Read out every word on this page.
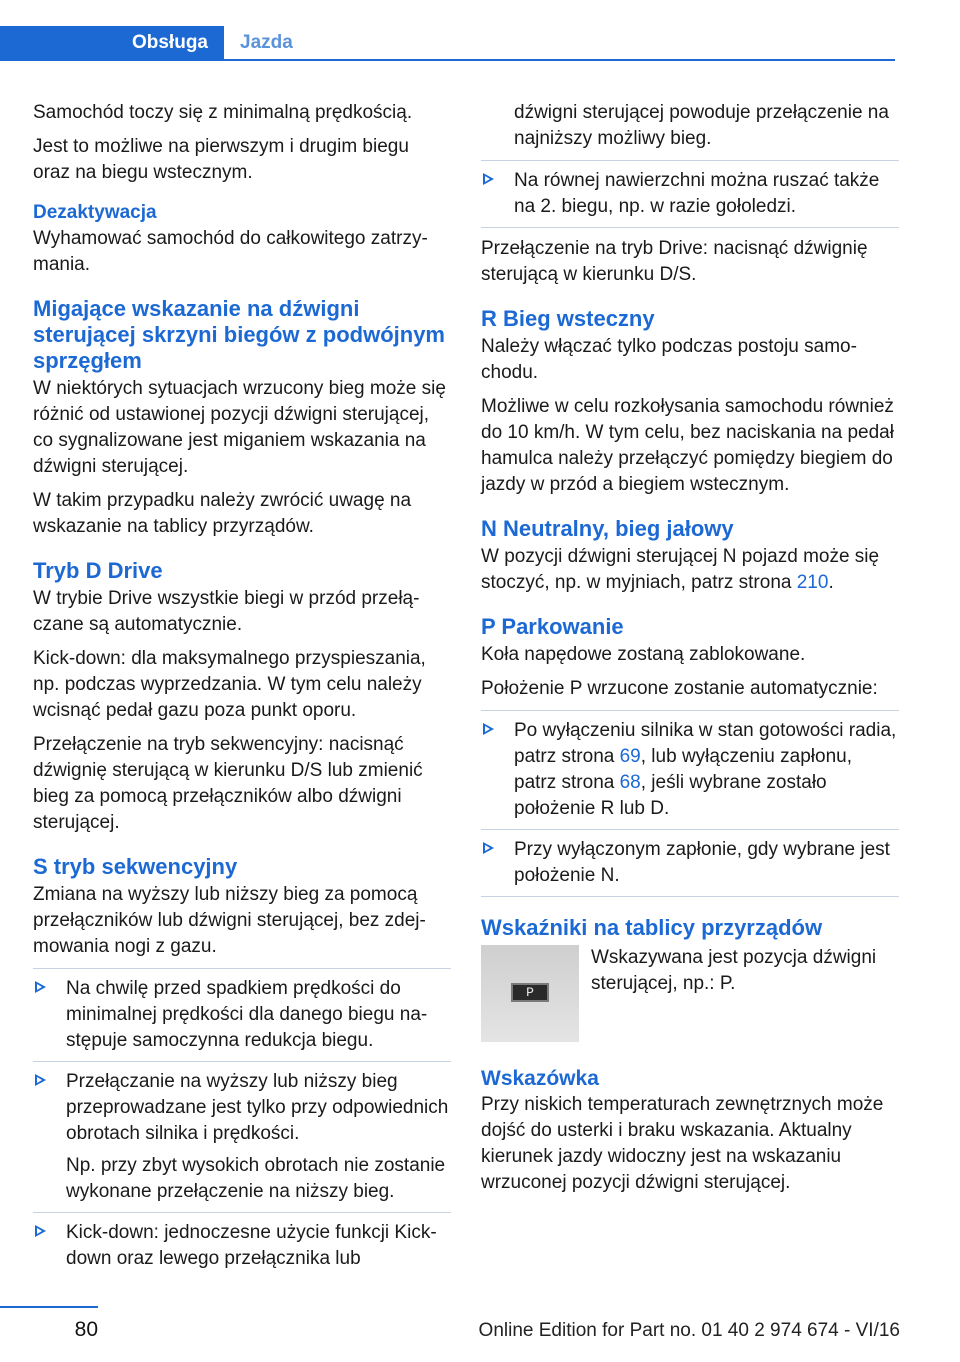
Obsługa	Jazda

Samochód toczy się z minimalną prędkością.

Jest to możliwe na pierwszym i drugim biegu oraz na biegu wstecznym.

Dezaktywacja

Wyhamować samochód do całkowitego zatrzymania.

Migające wskazanie na dźwigni sterującej skrzyni biegów z podwójnym sprzęgłem

W niektórych sytuacjach wrzucony bieg może się różnić od ustawionej pozycji dźwigni sterującej, co sygnalizowane jest miganiem wskazania na dźwigni sterującej.

W takim przypadku należy zwrócić uwagę na wskazanie na tablicy przyrządów.

Tryb D Drive

W trybie Drive wszystkie biegi w przód przełączane są automatycznie.

Kick-down: dla maksymalnego przyspieszania, np. podczas wyprzedzania. W tym celu należy wcisnąć pedał gazu poza punkt oporu.

Przełączenie na tryb sekwencyjny: nacisnąć dźwignię sterującą w kierunku D/S lub zmienić bieg za pomocą przełączników albo dźwigni sterującej.

S tryb sekwencyjny

Zmiana na wyższy lub niższy bieg za pomocą przełączników lub dźwigni sterującej, bez zdejmowania nogi z gazu.

Na chwilę przed spadkiem prędkości do minimalnej prędkości dla danego biegu następuje samoczynna redukcja biegu.

Przełączanie na wyższy lub niższy bieg przeprowadzane jest tylko przy odpowiednich obrotach silnika i prędkości.

Np. przy zbyt wysokich obrotach nie zostanie wykonane przełączenie na niższy bieg.

Kick-down: jednoczesne użycie funkcji Kick-down oraz lewego przełącznika lub

dźwigni sterującej powoduje przełączenie na najniższy możliwy bieg.

Na równej nawierzchni można ruszać także na 2. biegu, np. w razie gołoledzi.

Przełączenie na tryb Drive: nacisnąć dźwignię sterującą w kierunku D/S.

R Bieg wsteczny

Należy włączać tylko podczas postoju samochodu.

Możliwe w celu rozkołysania samochodu również do 10 km/h. W tym celu, bez naciskania na pedał hamulca należy przełączyć pomiędzy biegiem do jazdy w przód a biegiem wstecznym.

N Neutralny, bieg jałowy

W pozycji dźwigni sterującej N pojazd może się stoczyć, np. w myjniach, patrz strona 210.

P Parkowanie

Koła napędowe zostaną zablokowane.

Położenie P wrzucone zostanie automatycznie:

Po wyłączeniu silnika w stan gotowości radia, patrz strona 69, lub wyłączeniu zapłonu, patrz strona 68, jeśli wybrane zostało położenie R lub D.

Przy wyłączonym zapłonie, gdy wybrane jest położenie N.

Wskaźniki na tablicy przyrządów
P

Wskazywana jest pozycja dźwigni sterującej, np.: P.

Wskazówka

Przy niskich temperaturach zewnętrznych może dojść do usterki i braku wskazania. Aktualny kierunek jazdy widoczny jest na wskazaniu wrzuconej pozycji dźwigni sterującej.

80	Online Edition for Part no. 01 40 2 974 674 - VI/16
